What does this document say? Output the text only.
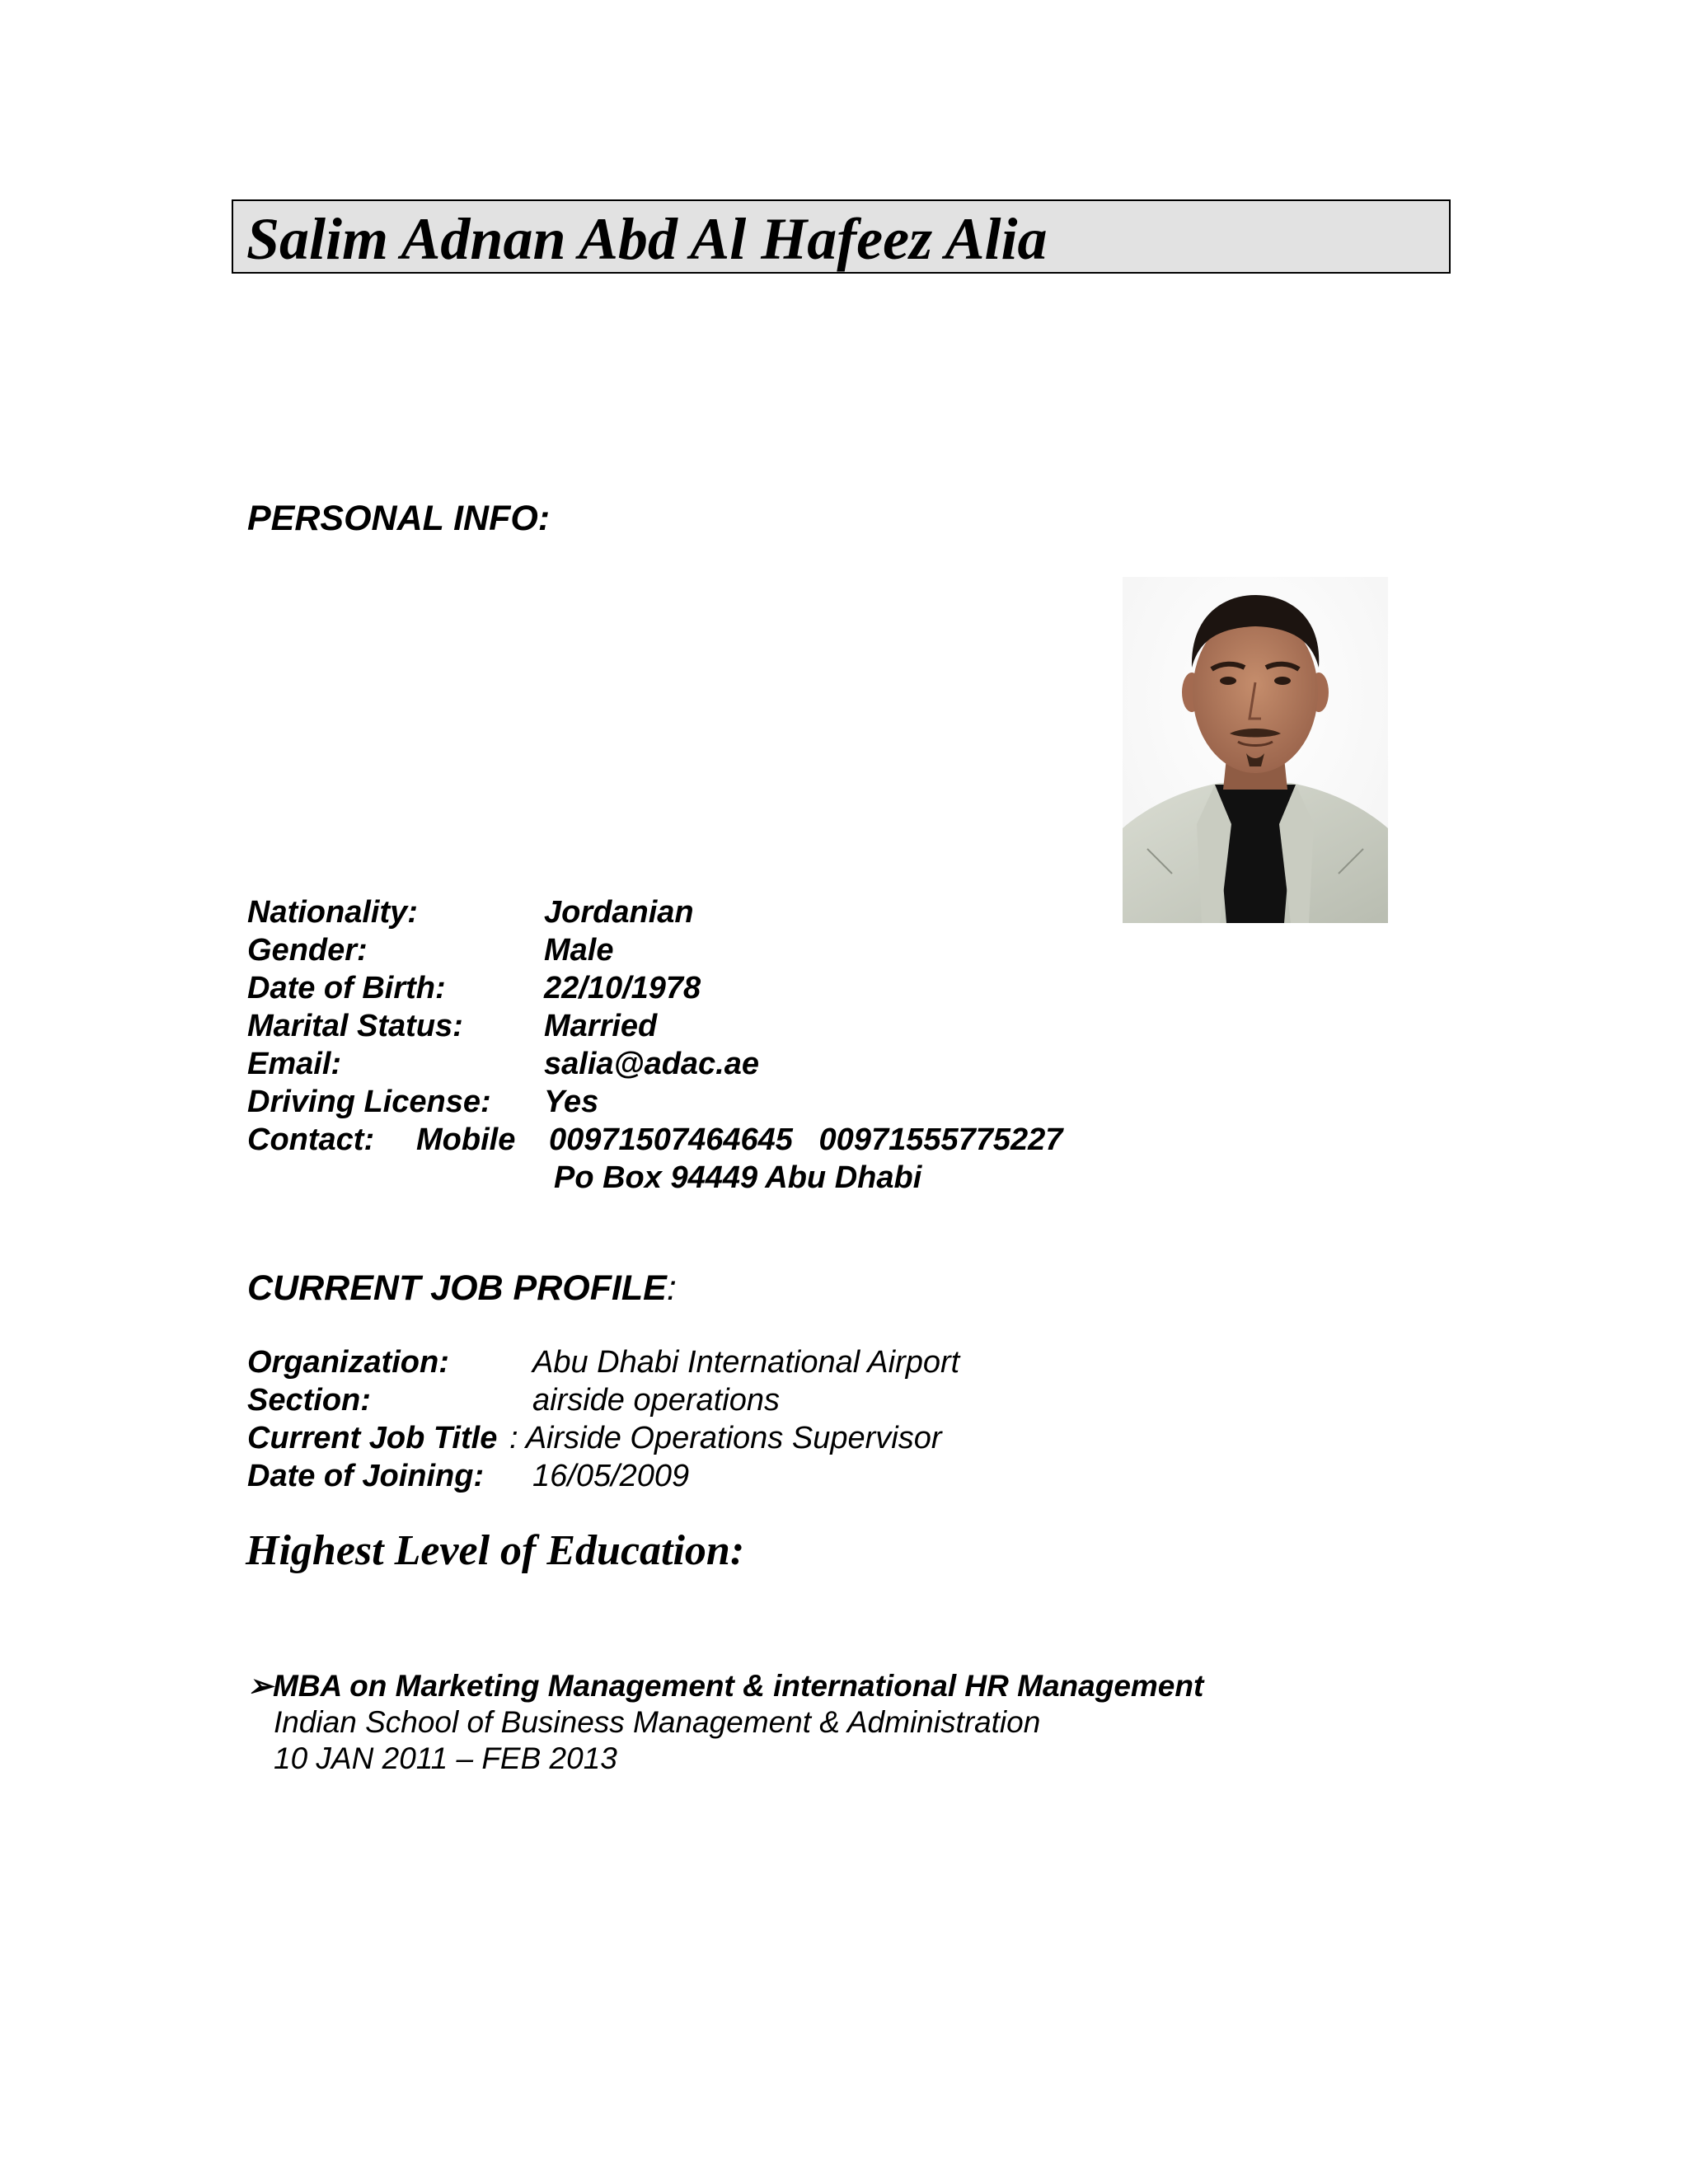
Salim Adnan Abd Al Hafeez Alia
PERSONAL INFO:
Nationality:	Jordanian
Gender:	Male
Date of Birth:	22/10/1978
Marital Status:	Married
Email:	salia@adac.ae
Driving License: Yes
Contact: Mobile 00971507464645   00971555775227
Po Box 94449 Abu Dhabi
CURRENT JOB PROFILE:
Organization:	Abu Dhabi International Airport
Section:	airside operations
Current Job Title : Airside Operations Supervisor
Date of Joining: 16/05/2009
Highest Level of Education:
➢MBA on Marketing Management & international HR Management
Indian School of Business Management & Administration
10 JAN 2011 – FEB 2013
